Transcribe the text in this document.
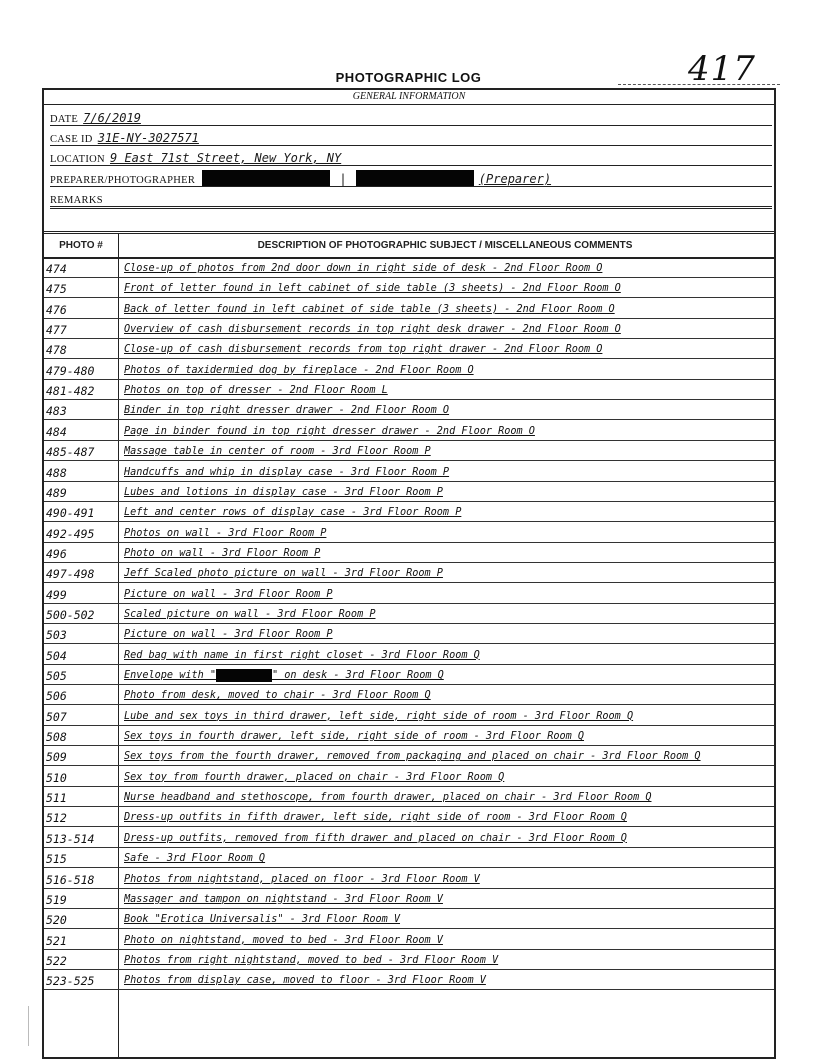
417
PHOTOGRAPHIC LOG
GENERAL INFORMATION
DATE 7/6/2019
CASE ID 31E-NY-3027571
LOCATION 9 East 71st Street, New York, NY
PREPARER/PHOTOGRAPHER	|	(Preparer)
REMARKS
PHOTO #	DESCRIPTION OF PHOTOGRAPHIC SUBJECT / MISCELLANEOUS COMMENTS
474	Close-up of photos from 2nd door down in right side of desk - 2nd Floor Room O
475	Front of letter found in left cabinet of side table (3 sheets) - 2nd Floor Room O
476	Back of letter found in left cabinet of side table (3 sheets) - 2nd Floor Room O
477	Overview of cash disbursement records in top right desk drawer - 2nd Floor Room O
478	Close-up of cash disbursement records from top right drawer - 2nd Floor Room O
479-480	Photos of taxidermied dog by fireplace - 2nd Floor Room O
481-482	Photos on top of dresser - 2nd Floor Room L
483	Binder in top right dresser drawer - 2nd Floor Room O
484	Page in binder found in top right dresser drawer - 2nd Floor Room O
485-487	Massage table in center of room - 3rd Floor Room P
488	Handcuffs and whip in display case - 3rd Floor Room P
489	Lubes and lotions in display case - 3rd Floor Room P
490-491	Left and center rows of display case - 3rd Floor Room P
492-495	Photos on wall - 3rd Floor Room P
496	Photo on wall - 3rd Floor Room P
497-498	Jeff Scaled photo picture on wall - 3rd Floor Room P
499	Picture on wall - 3rd Floor Room P
500-502	Scaled picture on wall - 3rd Floor Room P
503	Picture on wall - 3rd Floor Room P
504	Red bag with name in first right closet - 3rd Floor Room Q
505	Envelope with "	" on desk - 3rd Floor Room Q
506	Photo from desk, moved to chair - 3rd Floor Room Q
507	Lube and sex toys in third drawer, left side, right side of room - 3rd Floor Room Q
508	Sex toys in fourth drawer, left side, right side of room - 3rd Floor Room Q
509	Sex toys from the fourth drawer, removed from packaging and placed on chair - 3rd Floor Room Q
510	Sex toy from fourth drawer, placed on chair - 3rd Floor Room Q
511	Nurse headband and stethoscope, from fourth drawer, placed on chair - 3rd Floor Room Q
512	Dress-up outfits in fifth drawer, left side, right side of room - 3rd Floor Room Q
513-514	Dress-up outfits, removed from fifth drawer and placed on chair - 3rd Floor Room Q
515	Safe - 3rd Floor Room Q
516-518	Photos from nightstand, placed on floor - 3rd Floor Room V
519	Massager and tampon on nightstand - 3rd Floor Room V
520	Book "Erotica Universalis" - 3rd Floor Room V
521	Photo on nightstand, moved to bed - 3rd Floor Room V
522	Photos from right nightstand, moved to bed - 3rd Floor Room V
523-525	Photos from display case, moved to floor - 3rd Floor Room V
